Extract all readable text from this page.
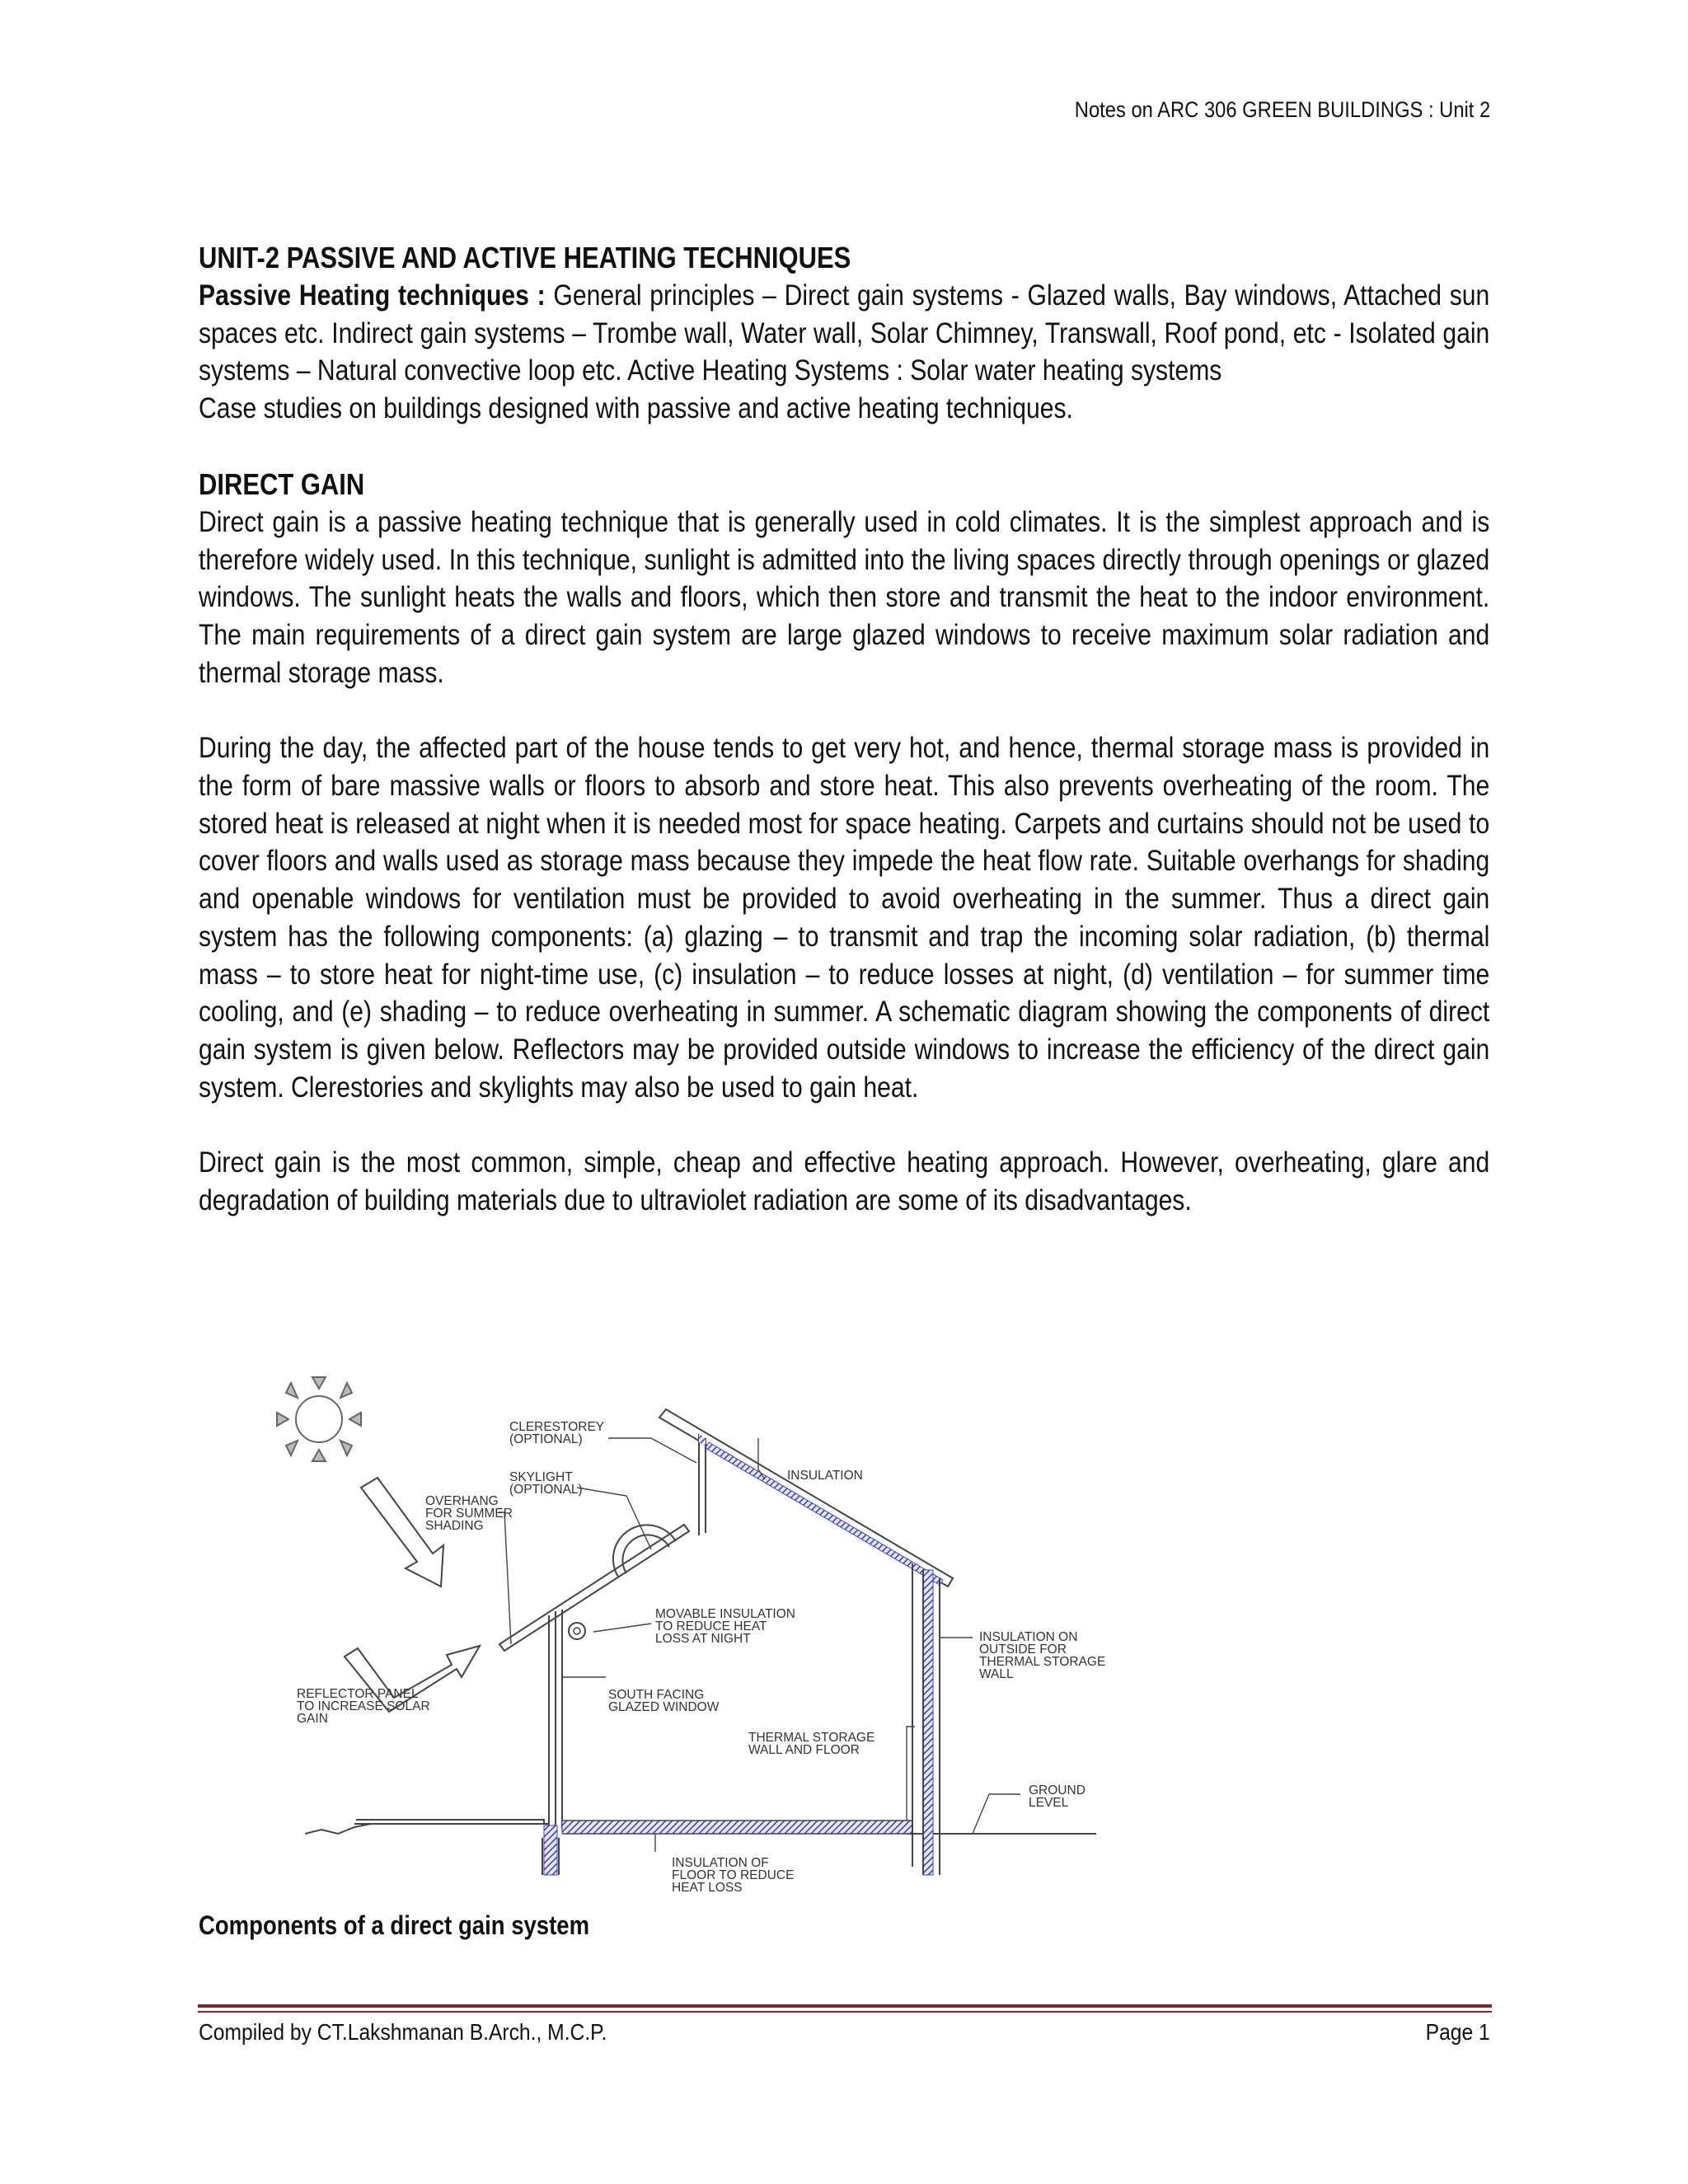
Notes on ARC 306 GREEN BUILDINGS : Unit 2

UNIT-2 PASSIVE AND ACTIVE HEATING TECHNIQUES

Passive Heating techniques : General principles – Direct gain systems - Glazed walls, Bay windows, Attached sun spaces etc. Indirect gain systems – Trombe wall, Water wall, Solar Chimney, Transwall, Roof pond, etc - Isolated gain systems – Natural convective loop etc. Active Heating Systems : Solar water heating systems

Case studies on buildings designed with passive and active heating techniques.

DIRECT GAIN

Direct gain is a passive heating technique that is generally used in cold climates. It is the simplest approach and is therefore widely used. In this technique, sunlight is admitted into the living spaces directly through openings or glazed windows. The sunlight heats the walls and floors, which then store and transmit the heat to the indoor environment. The main requirements of a direct gain system are large glazed windows to receive maximum solar radiation and thermal storage mass.

During the day, the affected part of the house tends to get very hot, and hence, thermal storage mass is provided in the form of bare massive walls or floors to absorb and store heat. This also prevents overheating of the room. The stored heat is released at night when it is needed most for space heating. Carpets and curtains should not be used to cover floors and walls used as storage mass because they impede the heat flow rate. Suitable overhangs for shading and openable windows for ventilation must be provided to avoid overheating in the summer. Thus a direct gain system has the following components: (a) glazing – to transmit and trap the incoming solar radiation, (b) thermal mass – to store heat for night-time use, (c) insulation – to reduce losses at night, (d) ventilation – for summer time cooling, and (e) shading – to reduce overheating in summer. A schematic diagram showing the components of direct gain system is given below. Reflectors may be provided outside windows to increase the efficiency of the direct gain system. Clerestories and skylights may also be used to gain heat.

Direct gain is the most common, simple, cheap and effective heating approach. However, overheating, glare and degradation of building materials due to ultraviolet radiation are some of its disadvantages.

CLERESTOREY
(OPTIONAL)
SKYLIGHT
(OPTIONAL)
OVERHANG
FOR SUMMER
SHADING
INSULATION
MOVABLE INSULATION
TO REDUCE HEAT
LOSS AT NIGHT	INSULATION ON
OUTSIDE FOR
THERMAL STORAGE
WALL
REFLECTOR PANEL
TO INCREASE SOLAR
GAIN
SOUTH FACING
GLAZED WINDOW
THERMAL STORAGE
WALL AND FLOOR
GROUND
LEVEL
INSULATION OF
FLOOR TO REDUCE
HEAT LOSS
Components of a direct gain system
Compiled by CT.Lakshmanan B.Arch., M.C.P.	Page 1
